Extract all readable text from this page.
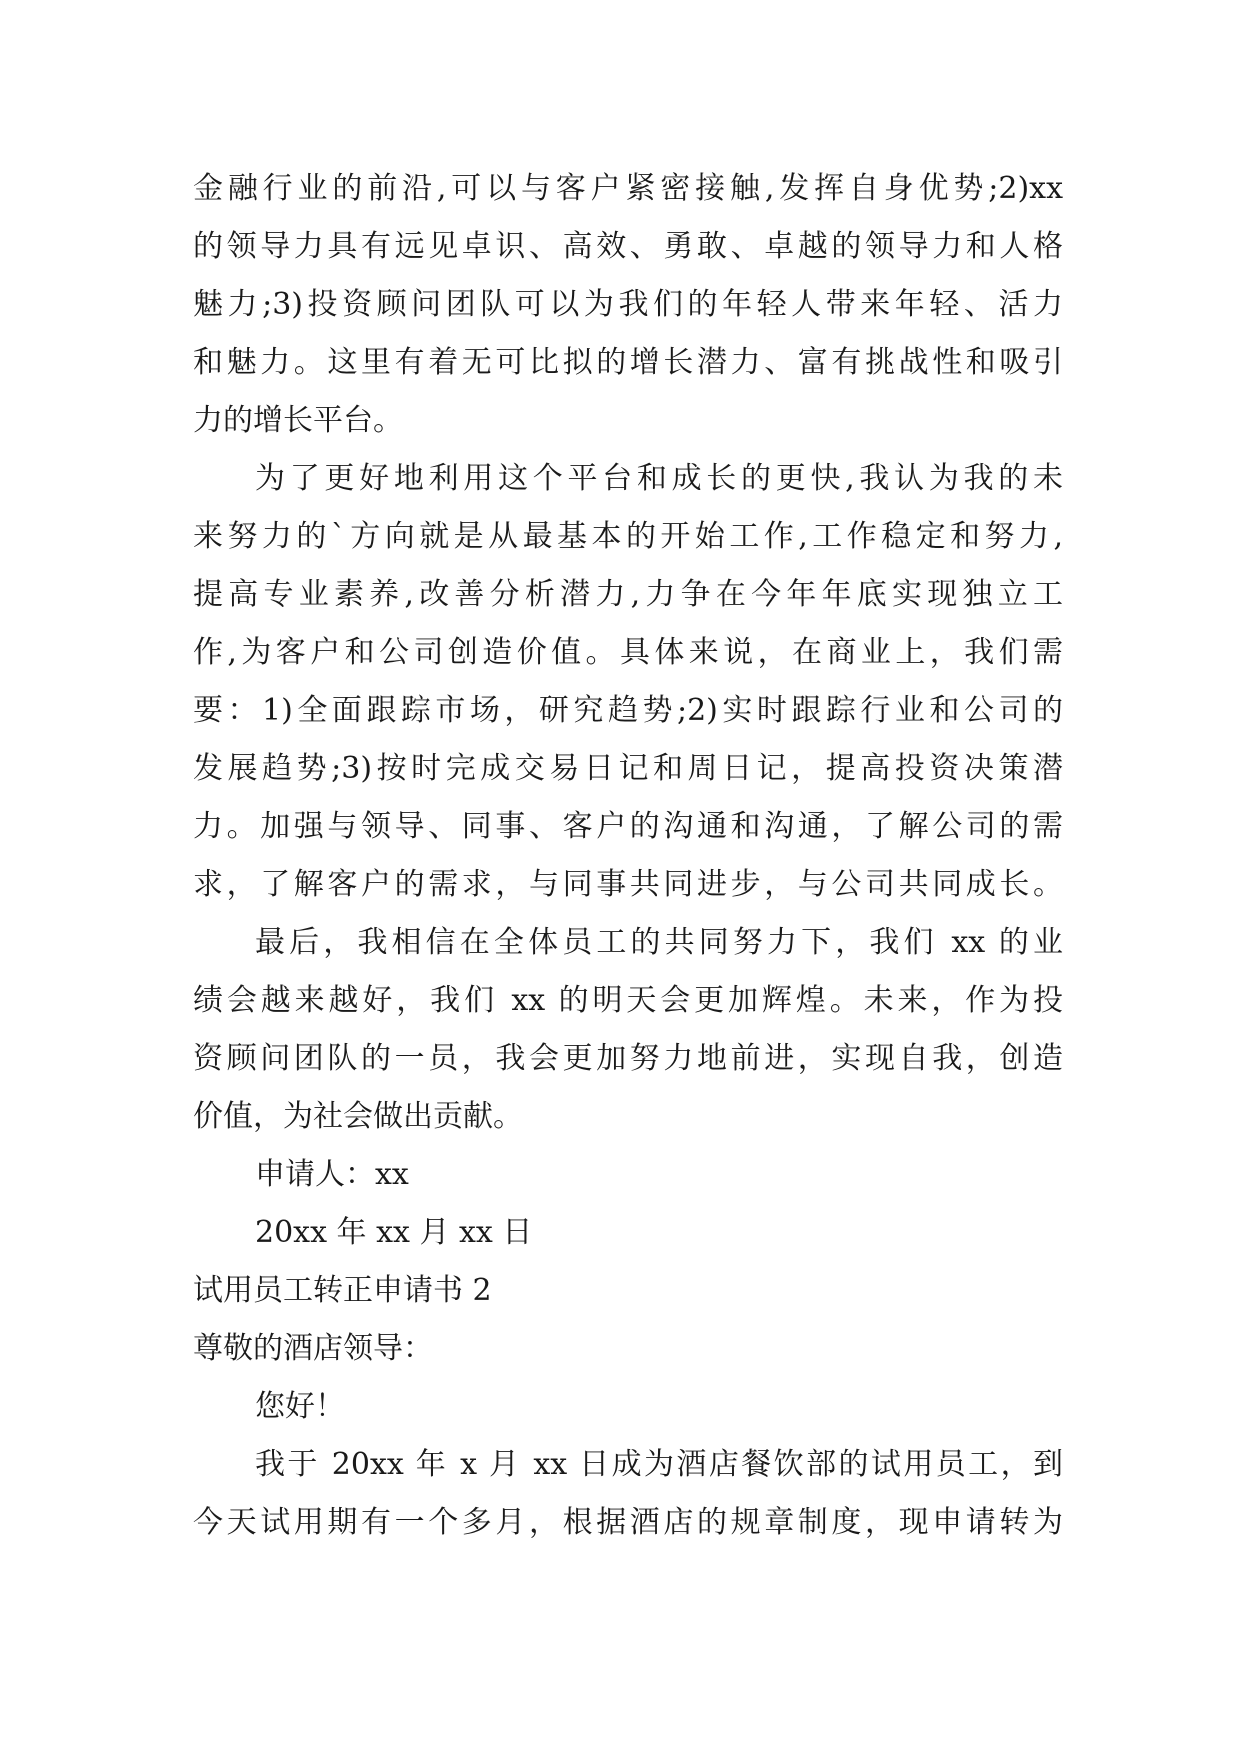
金融行业的前沿,可以与客户紧密接触,发挥自身优势;2)xx
的领导力具有远见卓识、高效、勇敢、卓越的领导力和人格
魅力;3)投资顾问团队可以为我们的年轻人带来年轻、活力
和魅力。这里有着无可比拟的增长潜力、富有挑战性和吸引
力的增长平台。
为了更好地利用这个平台和成长的更快,我认为我的未
来努力的`方向就是从最基本的开始工作,工作稳定和努力,
提高专业素养,改善分析潜力,力争在今年年底实现独立工
作,为客户和公司创造价值。具体来说，在商业上，我们需
要：1)全面跟踪市场，研究趋势;2)实时跟踪行业和公司的
发展趋势;3)按时完成交易日记和周日记，提高投资决策潜
力。加强与领导、同事、客户的沟通和沟通，了解公司的需
求，了解客户的需求，与同事共同进步，与公司共同成长。
最后，我相信在全体员工的共同努力下，我们 xx 的业
绩会越来越好，我们 xx 的明天会更加辉煌。未来，作为投
资顾问团队的一员，我会更加努力地前进，实现自我，创造
价值，为社会做出贡献。
申请人：xx
20xx 年 xx 月 xx 日
试用员工转正申请书 2
尊敬的酒店领导：
您好！
我于 20xx 年 x 月 xx 日成为酒店餐饮部的试用员工，到
今天试用期有一个多月，根据酒店的规章制度，现申请转为
